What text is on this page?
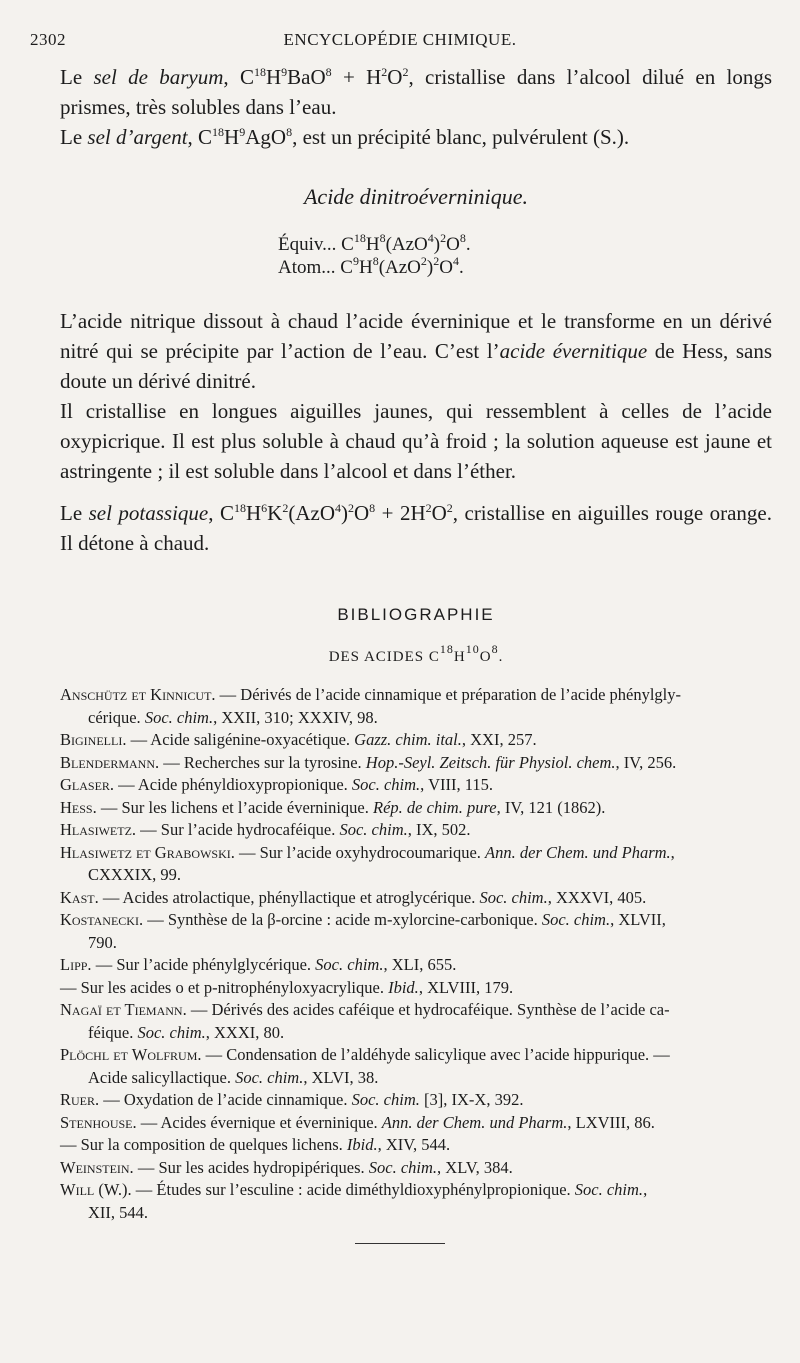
2302	ENCYCLOPÉDIE CHIMIQUE.

Le sel de baryum, $C^{18}H^9BaO^8 + H^2O^2$, cristallise dans l’alcool dilué en longs prismes, très solubles dans l’eau.

Le sel d’argent, $C^{18}H^9AgO^8$, est un précipité blanc, pulvérulent (S.).

Acide dinitroéverninique.

Équiv... $C^{18}H^8(AzO^4)^2O^8$.
Atom... $C^9H^8(AzO^2)^2O^4$.

L’acide nitrique dissout à chaud l’acide éverninique et le transforme en un dérivé nitré qui se précipite par l’action de l’eau. C’est l’acide évernitique de Hess, sans doute un dérivé dinitré.

Il cristallise en longues aiguilles jaunes, qui ressemblent à celles de l’acide oxypicrique. Il est plus soluble à chaud qu’à froid ; la solution aqueuse est jaune et astringente ; il est soluble dans l’alcool et dans l’éther.

Le sel potassique, $C^{18}H^6K^2(AzO^4)^2O^8 + 2H^2O^2$, cristallise en aiguilles rouge orange. Il détone à chaud.

BIBLIOGRAPHIE
DES ACIDES $C^{18}H^{10}O^8$.

Anschütz et Kinnicut. — Dérivés de l’acide cinnamique et préparation de l’acide phénylgly-

cérique. Soc. chim., XXII, 310; XXXIV, 98.

Biginelli. — Acide saligénine-oxyacétique. Gazz. chim. ital., XXI, 257.

Blendermann. — Recherches sur la tyrosine. Hop.-Seyl. Zeitsch. für Physiol. chem., IV, 256.

Glaser. — Acide phényldioxypropionique. Soc. chim., VIII, 115.

Hess. — Sur les lichens et l’acide éverninique. Rép. de chim. pure, IV, 121 (1862).

Hlasiwetz. — Sur l’acide hydrocaféique. Soc. chim., IX, 502.

Hlasiwetz et Grabowski. — Sur l’acide oxyhydrocoumarique. Ann. der Chem. und Pharm.,

CXXXIX, 99.

Kast. — Acides atrolactique, phényllactique et atroglycérique. Soc. chim., XXXVI, 405.

Kostanecki. — Synthèse de la β-orcine : acide m-xylorcine-carbonique. Soc. chim., XLVII,

790.

Lipp. — Sur l’acide phénylglycérique. Soc. chim., XLI, 655.

— Sur les acides o et p-nitrophényloxyacrylique. Ibid., XLVIII, 179.

Nagaï et Tiemann. — Dérivés des acides caféique et hydrocaféique. Synthèse de l’acide ca-

féique. Soc. chim., XXXI, 80.

Plöchl et Wolfrum. — Condensation de l’aldéhyde salicylique avec l’acide hippurique. —

Acide salicyllactique. Soc. chim., XLVI, 38.

Ruer. — Oxydation de l’acide cinnamique. Soc. chim. [3], IX-X, 392.

Stenhouse. — Acides évernique et éverninique. Ann. der Chem. und Pharm., LXVIII, 86.

— Sur la composition de quelques lichens. Ibid., XIV, 544.

Weinstein. — Sur les acides hydropipériques. Soc. chim., XLV, 384.

Will (W.). — Études sur l’esculine : acide diméthyldioxyphénylpropionique. Soc. chim.,

XII, 544.
